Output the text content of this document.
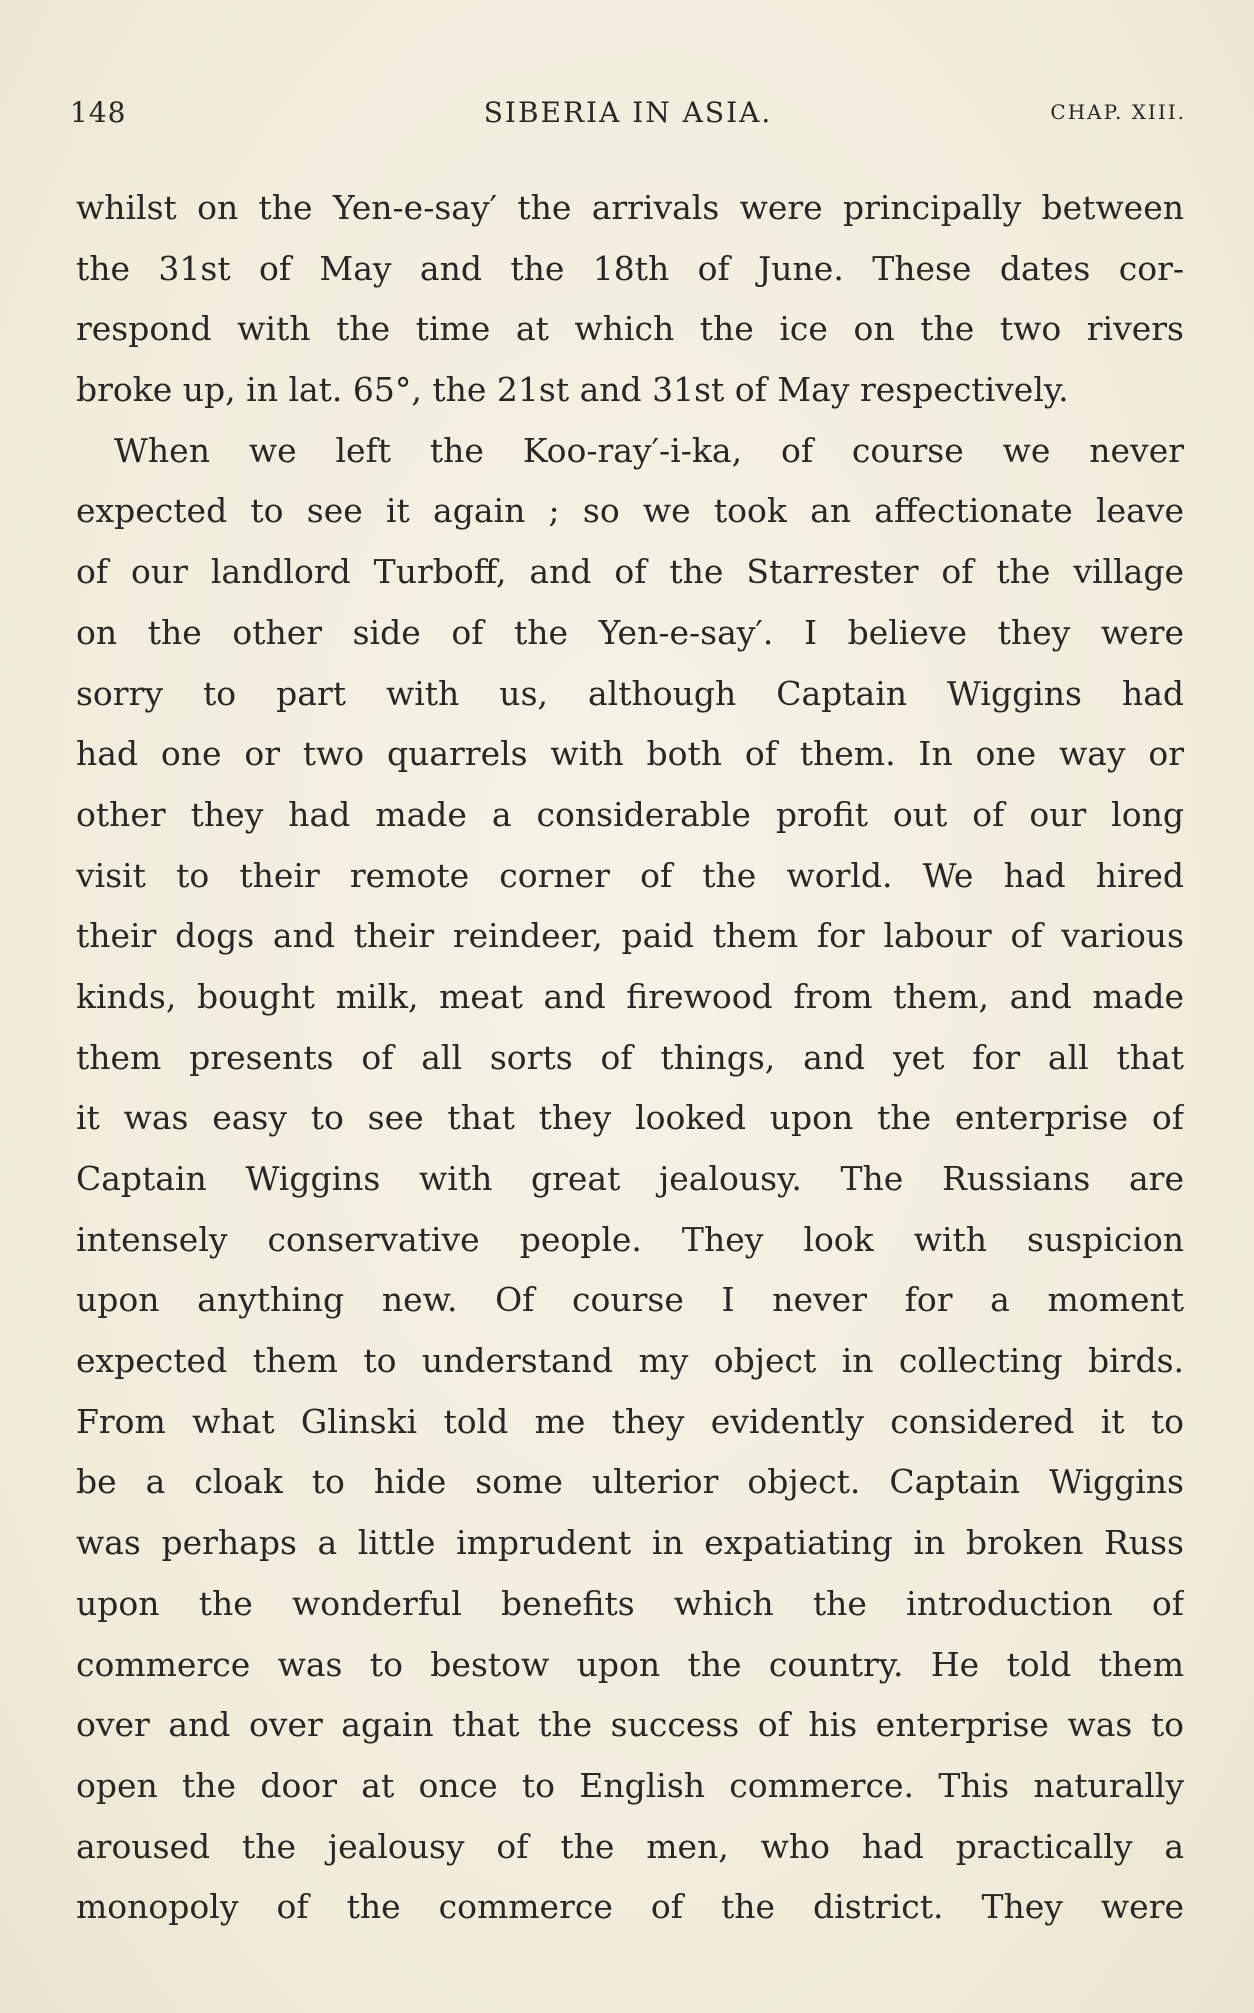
148	SIBERIA IN ASIA.	CHAP. XIII.
whilst on the Yen-e-say′ the arrivals were principally between
the 31st of May and the 18th of June. These dates cor-
respond with the time at which the ice on the two rivers
broke up, in lat. 65°, the 21st and 31st of May respectively.
When we left the Koo-ray′-i-ka, of course we never
expected to see it again ; so we took an affectionate leave
of our landlord Turboff, and of the Starrester of the village
on the other side of the Yen-e-say′. I believe they were
sorry to part with us, although Captain Wiggins had
had one or two quarrels with both of them. In one way or
other they had made a considerable profit out of our long
visit to their remote corner of the world. We had hired
their dogs and their reindeer, paid them for labour of various
kinds, bought milk, meat and firewood from them, and made
them presents of all sorts of things, and yet for all that
it was easy to see that they looked upon the enterprise of
Captain Wiggins with great jealousy. The Russians are
intensely conservative people. They look with suspicion
upon anything new. Of course I never for a moment
expected them to understand my object in collecting birds.
From what Glinski told me they evidently considered it to
be a cloak to hide some ulterior object. Captain Wiggins
was perhaps a little imprudent in expatiating in broken Russ
upon the wonderful benefits which the introduction of
commerce was to bestow upon the country. He told them
over and over again that the success of his enterprise was to
open the door at once to English commerce. This naturally
aroused the jealousy of the men, who had practically a
monopoly of the commerce of the district. They were
